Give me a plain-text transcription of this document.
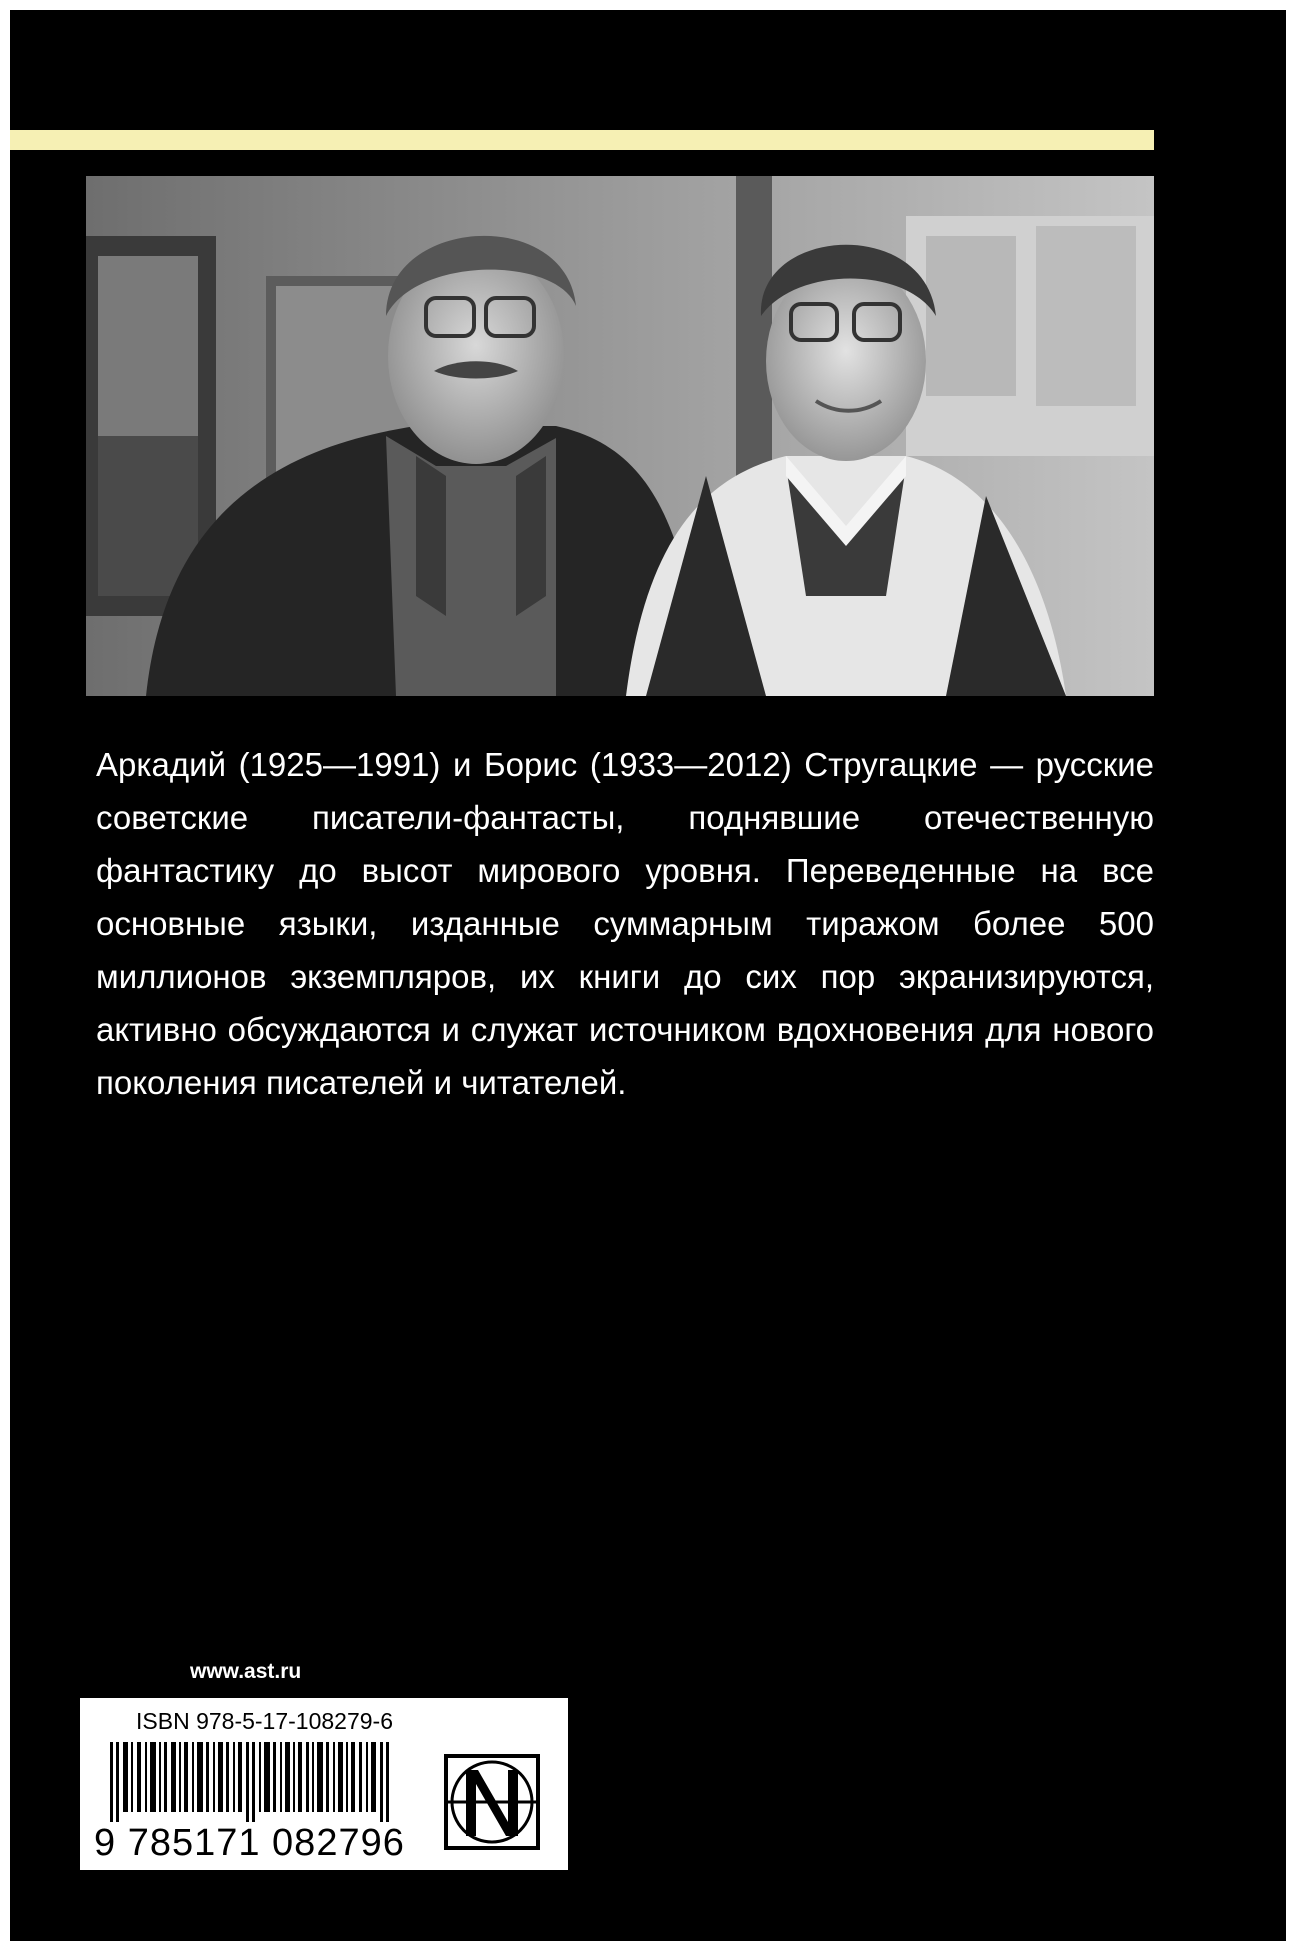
Аркадий (1925—1991) и Борис (1933—2012) Стругацкие — русские советские писатели-фантасты, поднявшие отечественную фантастику до высот мирового уровня. Переведенные на все основные языки, изданные суммарным тиражом более 500 миллионов экземпляров, их книги до сих пор экранизируются, активно обсуждаются и служат источником вдохновения для нового поколения писателей и читателей.

www.ast.ru
ISBN 978-5-17-108279-6
9 785171 082796
